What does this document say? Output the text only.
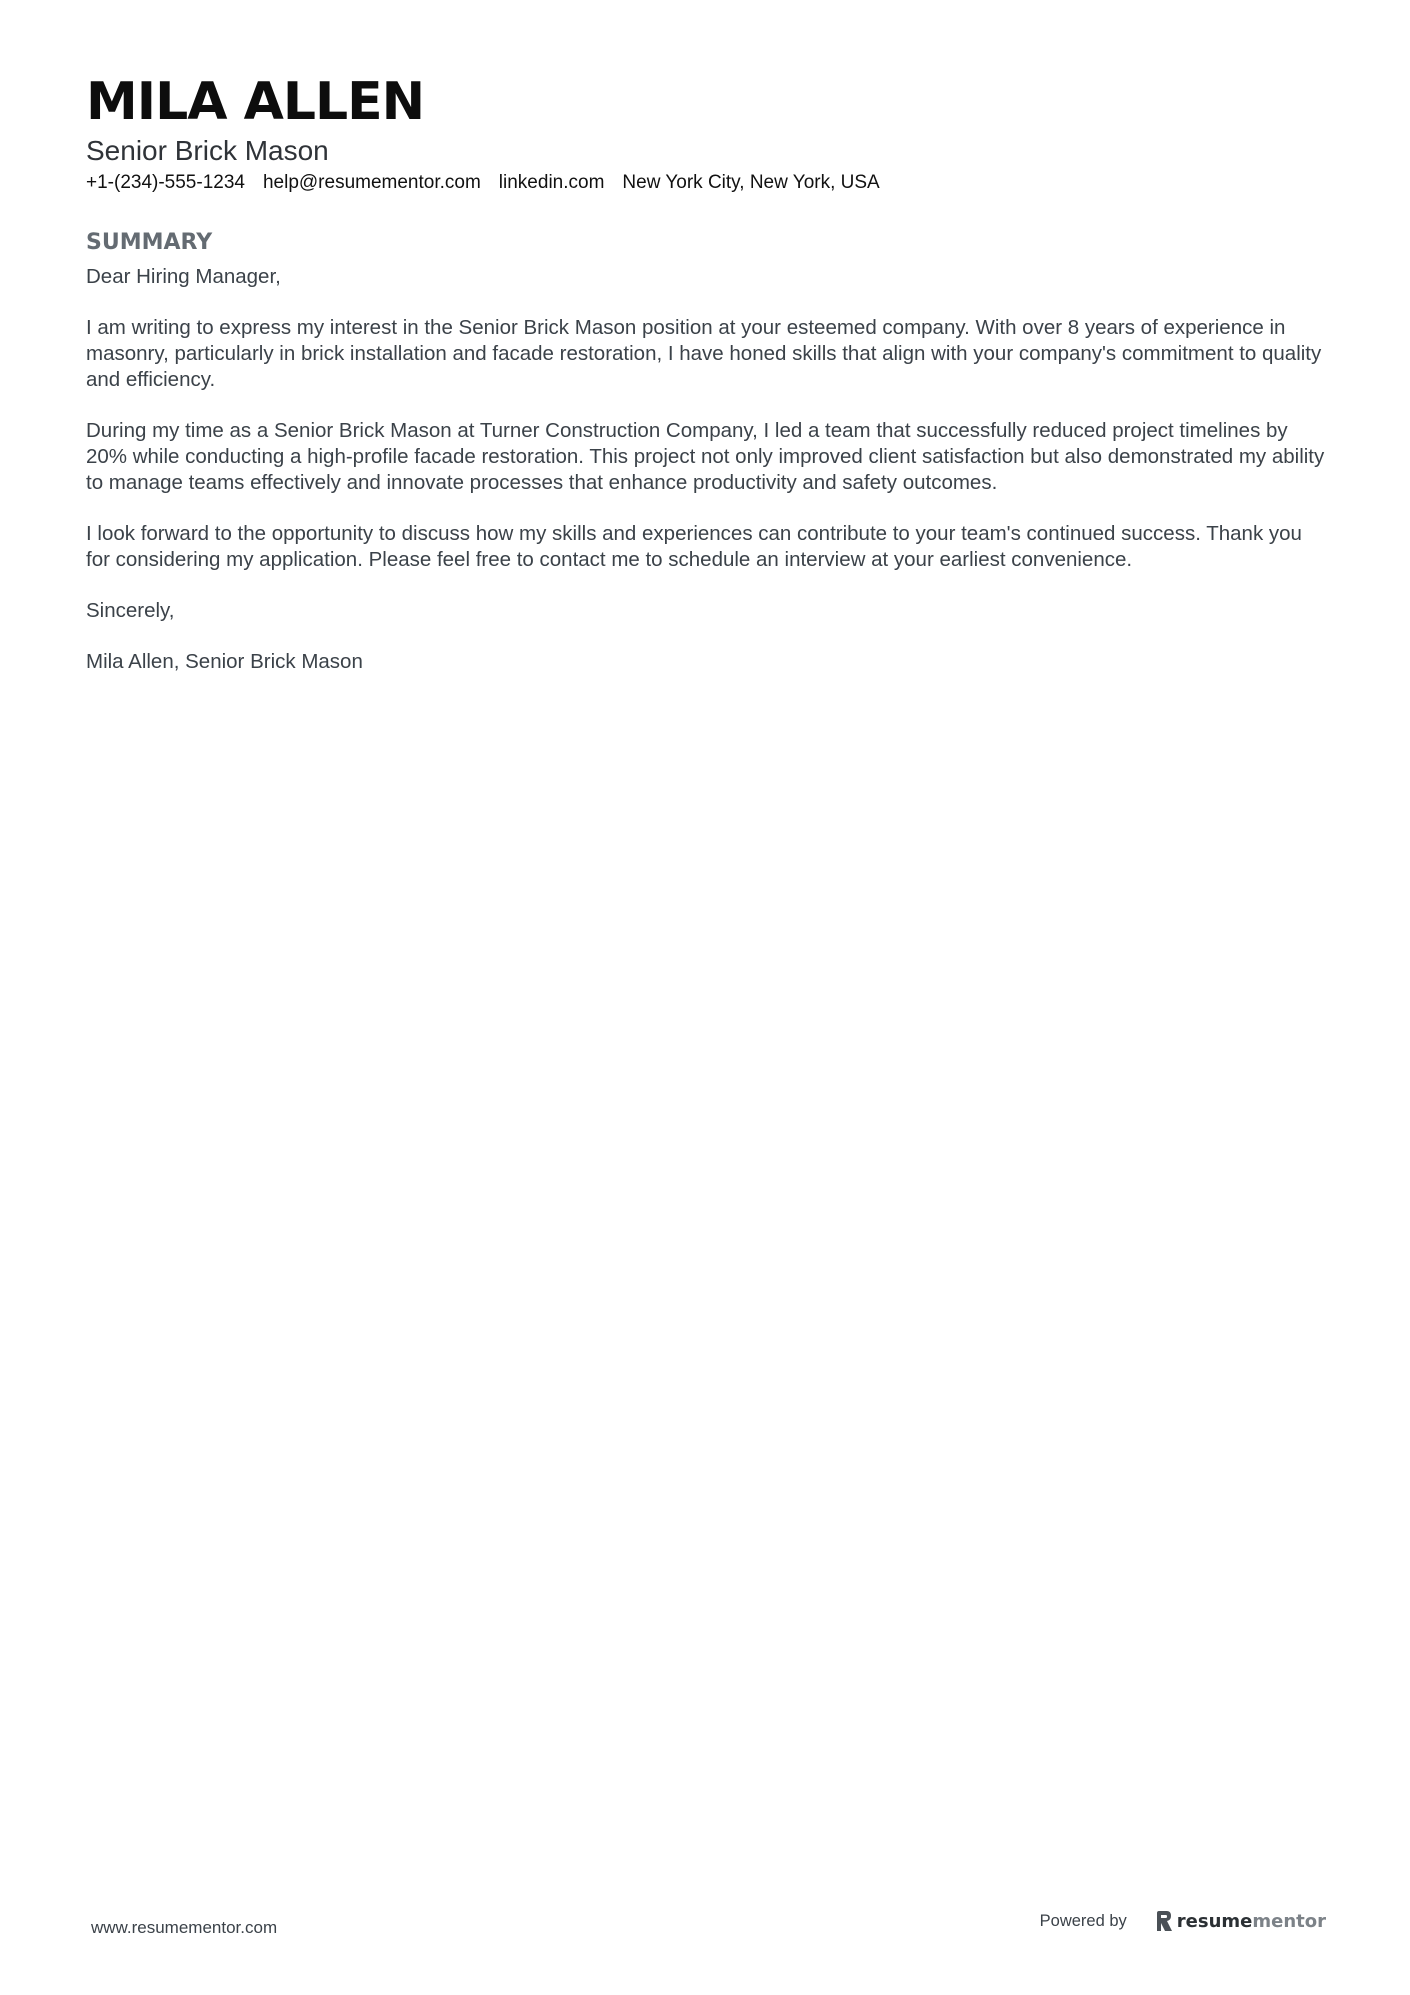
MILA ALLEN
Senior Brick Mason
+1-(234)-555-1234 help@resumementor.com linkedin.com New York City, New York, USA
SUMMARY

Dear Hiring Manager,

I am writing to express my interest in the Senior Brick Mason position at your esteemed company. With over 8 years of experience in masonry, particularly in brick installation and facade restoration, I have honed skills that align with your company's commitment to quality and efficiency.

During my time as a Senior Brick Mason at Turner Construction Company, I led a team that successfully reduced project timelines by 20% while conducting a high-profile facade restoration. This project not only improved client satisfaction but also demonstrated my ability to manage teams effectively and innovate processes that enhance productivity and safety outcomes.

I look forward to the opportunity to discuss how my skills and experiences can contribute to your team's continued success. Thank you for considering my application. Please feel free to contact me to schedule an interview at your earliest convenience.

Sincerely,

Mila Allen, Senior Brick Mason

www.resumementor.com	Powered by	resume mentor
